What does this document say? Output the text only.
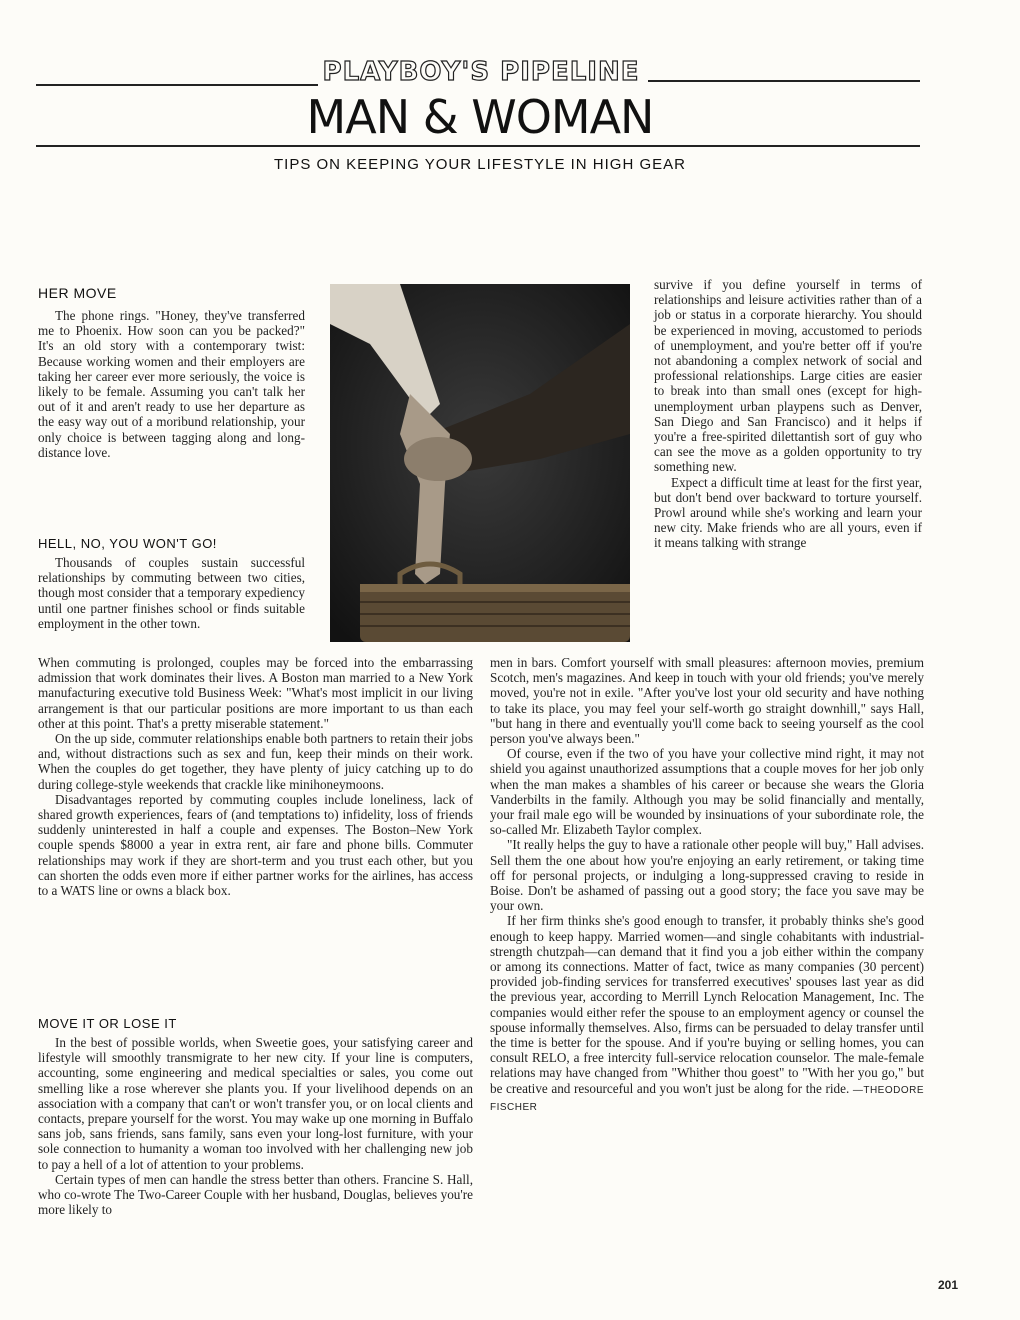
PLAYBOY'S PIPELINE
MAN & WOMAN
TIPS ON KEEPING YOUR LIFESTYLE IN HIGH GEAR
HER MOVE

The phone rings. "Honey, they've transferred me to Phoenix. How soon can you be packed?" It's an old story with a contemporary twist: Because working women and their employers are taking her career ever more seriously, the voice is likely to be female. Assuming you can't talk her out of it and aren't ready to use her departure as the easy way out of a moribund relationship, your only choice is between tagging along and long-distance love.

HELL, NO, YOU WON'T GO!

Thousands of couples sustain successful relationships by commuting between two cities, though most consider that a temporary expediency until one partner finishes school or finds suitable employment in the other town.

survive if you define yourself in terms of relationships and leisure activities rather than of a job or status in a corporate hierarchy. You should be experienced in moving, accustomed to periods of unemployment, and you're better off if you're not abandoning a complex network of social and professional relationships. Large cities are easier to break into than small ones (except for high-unemployment urban playpens such as Denver, San Diego and San Francisco) and it helps if you're a free-spirited dilettantish sort of guy who can see the move as a golden opportunity to try something new.

Expect a difficult time at least for the first year, but don't bend over backward to torture yourself. Prowl around while she's working and learn your new city. Make friends who are all yours, even if it means talking with strange

When commuting is prolonged, couples may be forced into the embarrassing admission that work dominates their lives. A Boston man married to a New York manufacturing executive told Business Week: "What's most implicit in our living arrangement is that our particular positions are more important to us than each other at this point. That's a pretty miserable statement."

On the up side, commuter relationships enable both partners to retain their jobs and, without distractions such as sex and fun, keep their minds on their work. When the couples do get together, they have plenty of juicy catching up to do during college-style weekends that crackle like minihoneymoons.

Disadvantages reported by commuting couples include loneliness, lack of shared growth experiences, fears of (and temptations to) infidelity, loss of friends suddenly uninterested in half a couple and expenses. The Boston–New York couple spends $8000 a year in extra rent, air fare and phone bills. Commuter relationships may work if they are short-term and you trust each other, but you can shorten the odds even more if either partner works for the airlines, has access to a WATS line or owns a black box.

MOVE IT OR LOSE IT

In the best of possible worlds, when Sweetie goes, your satisfying career and lifestyle will smoothly transmigrate to her new city. If your line is computers, accounting, some engineering and medical specialties or sales, you come out smelling like a rose wherever she plants you. If your livelihood depends on an association with a company that can't or won't transfer you, or on local clients and contacts, prepare yourself for the worst. You may wake up one morning in Buffalo sans job, sans friends, sans family, sans even your long-lost furniture, with your sole connection to humanity a woman too involved with her challenging new job to pay a hell of a lot of attention to your problems.

Certain types of men can handle the stress better than others. Francine S. Hall, who co-wrote The Two-Career Couple with her husband, Douglas, believes you're more likely to

men in bars. Comfort yourself with small pleasures: afternoon movies, premium Scotch, men's magazines. And keep in touch with your old friends; you've merely moved, you're not in exile. "After you've lost your old security and have nothing to take its place, you may feel your self-worth go straight downhill," says Hall, "but hang in there and eventually you'll come back to seeing yourself as the cool person you've always been."

Of course, even if the two of you have your collective mind right, it may not shield you against unauthorized assumptions that a couple moves for her job only when the man makes a shambles of his career or because she wears the Gloria Vanderbilts in the family. Although you may be solid financially and mentally, your frail male ego will be wounded by insinuations of your subordinate role, the so-called Mr. Elizabeth Taylor complex.

"It really helps the guy to have a rationale other people will buy," Hall advises. Sell them the one about how you're enjoying an early retirement, or taking time off for personal projects, or indulging a long-suppressed craving to reside in Boise. Don't be ashamed of passing out a good story; the face you save may be your own.

If her firm thinks she's good enough to transfer, it probably thinks she's good enough to keep happy. Married women—and single cohabitants with industrial-strength chutzpah—can demand that it find you a job either within the company or among its connections. Matter of fact, twice as many companies (30 percent) provided job-finding services for transferred executives' spouses last year as did the previous year, according to Merrill Lynch Relocation Management, Inc. The companies would either refer the spouse to an employment agency or counsel the spouse informally themselves. Also, firms can be persuaded to delay transfer until the time is better for the spouse. And if you're buying or selling homes, you can consult RELO, a free intercity full-service relocation counselor. The male-female relations may have changed from "Whither thou goest" to "With her you go," but be creative and resourceful and you won't just be along for the ride. —THEODORE FISCHER

201
